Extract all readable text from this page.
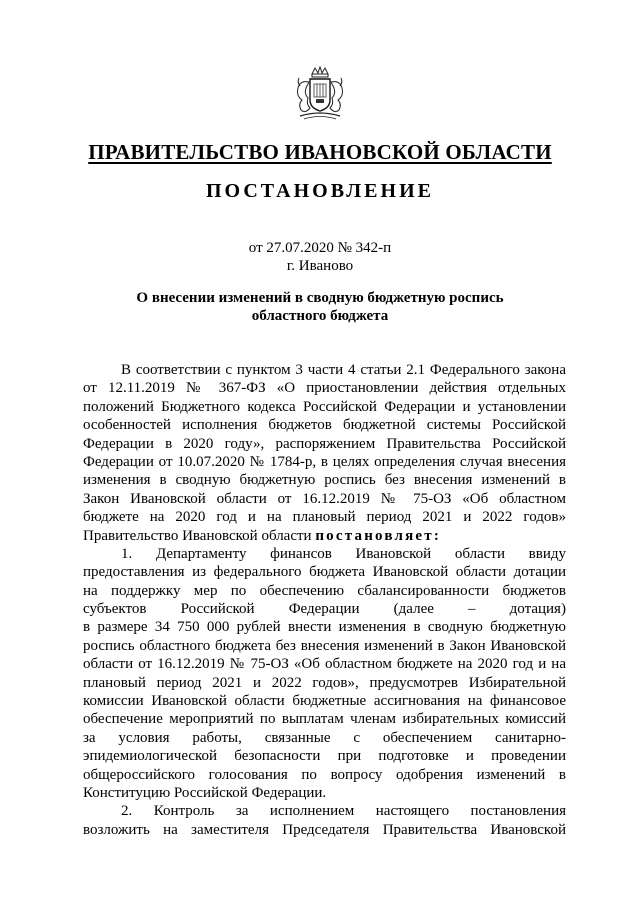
ПРАВИТЕЛЬСТВО ИВАНОВСКОЙ ОБЛАСТИ
ПОСТАНОВЛЕНИЕ
от 27.07.2020 № 342-п
г. Иваново
О внесении изменений в сводную бюджетную роспись
областного бюджета
В соответствии с пунктом 3 части 4 статьи 2.1 Федерального закона
от 12.11.2019 № 367-ФЗ «О приостановлении действия отдельных
положений Бюджетного кодекса Российской Федерации и установлении
особенностей исполнения бюджетов бюджетной системы Российской
Федерации в 2020 году», распоряжением Правительства Российской
Федерации от 10.07.2020 № 1784-р, в целях определения случая внесения
изменения в сводную бюджетную роспись без внесения изменений в
Закон Ивановской области от 16.12.2019 № 75-ОЗ «Об областном
бюджете на 2020 год и на плановый период 2021 и 2022 годов»
Правительство Ивановской области постановляет:
1. Департаменту финансов Ивановской области ввиду
предоставления из федерального бюджета Ивановской области дотации
на поддержку мер по обеспечению сбалансированности бюджетов
субъектов Российской Федерации (далее – дотация)
в размере 34 750 000 рублей внести изменения в сводную бюджетную
роспись областного бюджета без внесения изменений в Закон Ивановской
области от 16.12.2019 № 75-ОЗ «Об областном бюджете на 2020 год и на
плановый период 2021 и 2022 годов», предусмотрев Избирательной
комиссии Ивановской области бюджетные ассигнования на финансовое
обеспечение мероприятий по выплатам членам избирательных комиссий
за условия работы, связанные с обеспечением санитарно-
эпидемиологической безопасности при подготовке и проведении
общероссийского голосования по вопросу одобрения изменений в
Конституцию Российской Федерации.
2. Контроль за исполнением настоящего постановления
возложить на заместителя Председателя Правительства Ивановской
